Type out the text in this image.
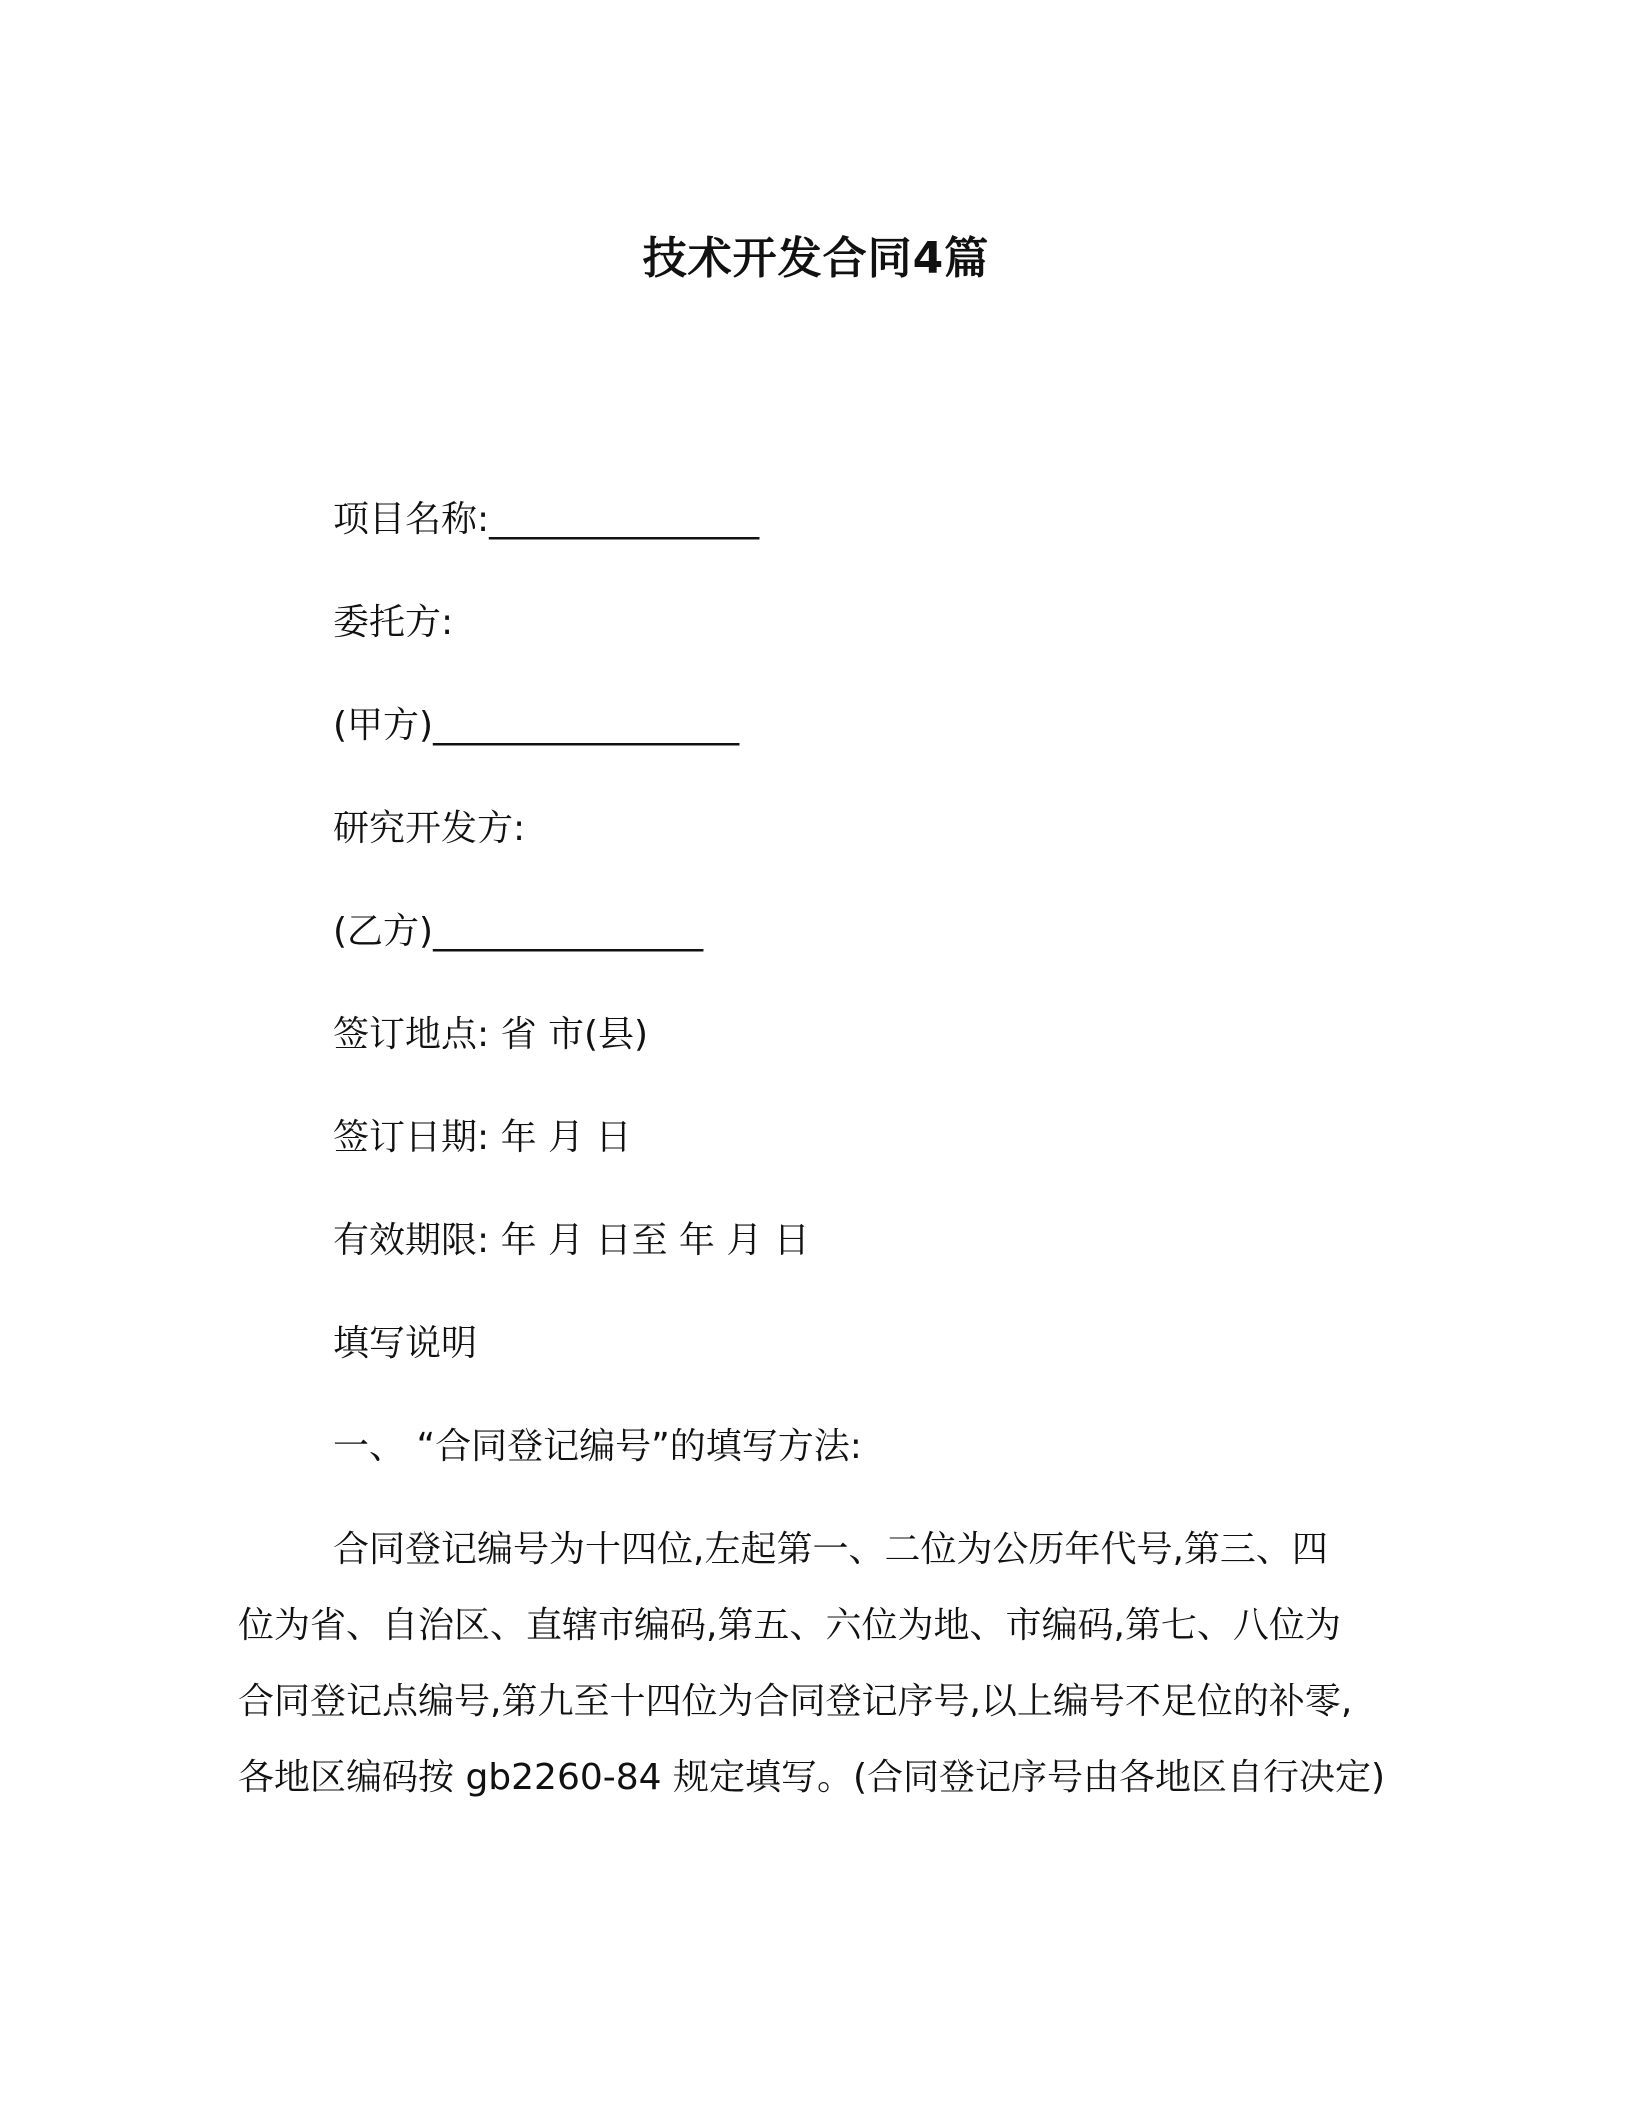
技术开发合同4篇

项目名称:_______________

委托方:

(甲方)_________________

研究开发方:

(乙方)_______________

签订地点: 省 市(县)

签订日期: 年 月 日

有效期限: 年 月 日至 年 月 日

填写说明

一、 “合同登记编号”的填写方法:

合同登记编号为十四位,左起第一、二位为公历年代号,第三、四
位为省、自治区、直辖市编码,第五、六位为地、市编码,第七、八位为
合同登记点编号,第九至十四位为合同登记序号,以上编号不足位的补零,
各地区编码按 gb2260-84 规定填写。(合同登记序号由各地区自行决定)
